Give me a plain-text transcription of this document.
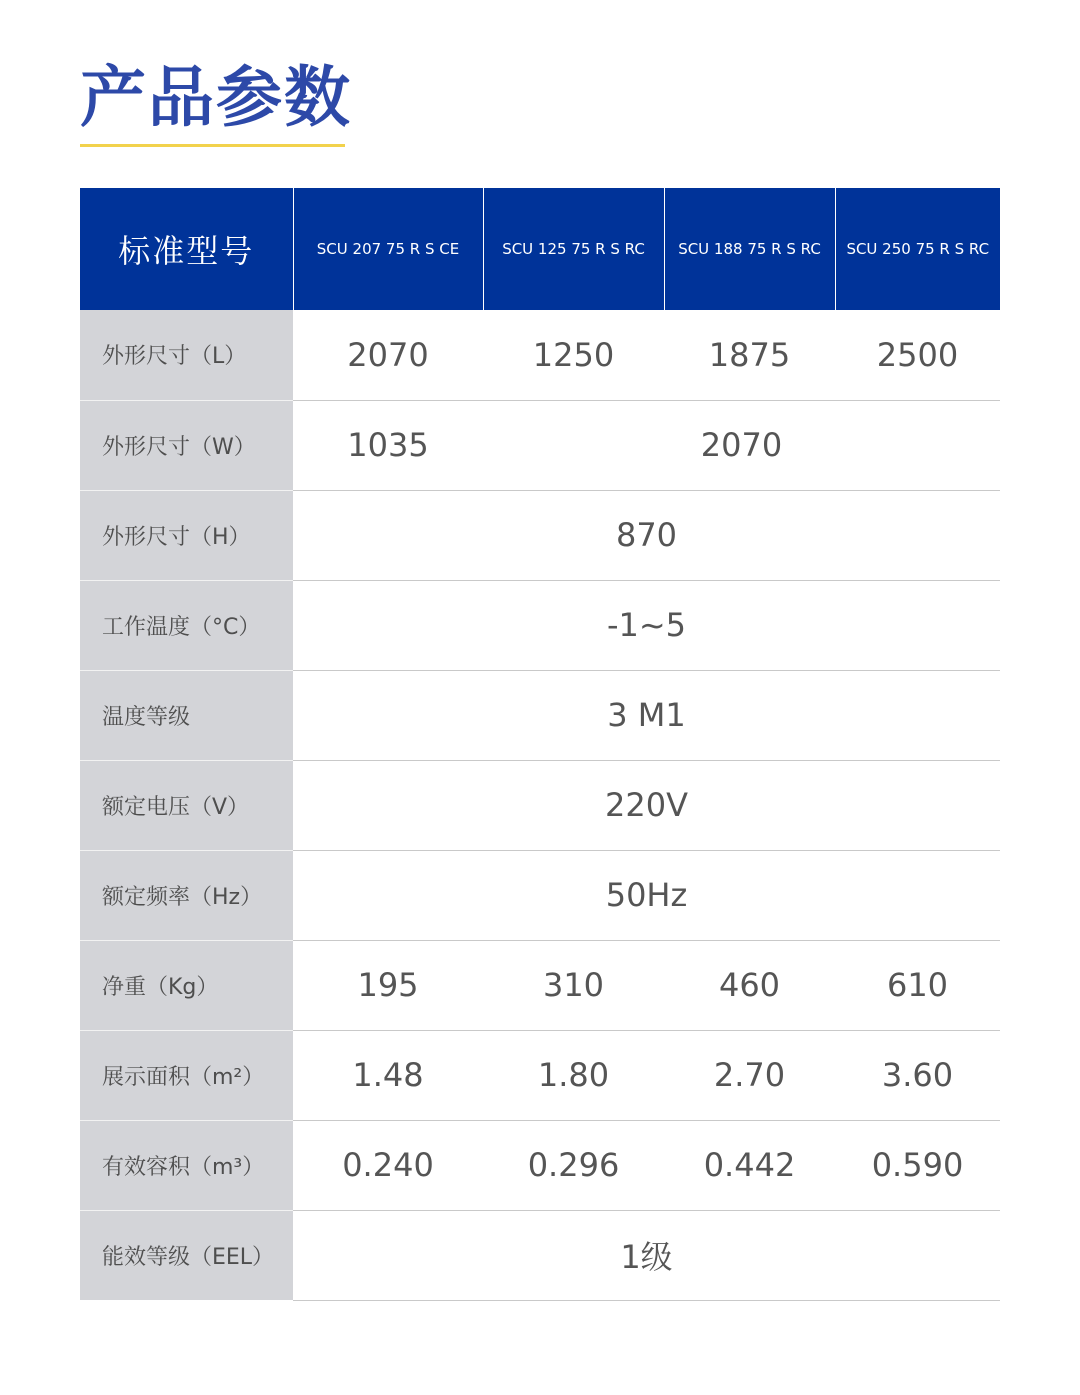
产品参数
标准型号	SCU 207 75 R S CE	SCU 125 75 R S RC	SCU 188 75 R S RC	SCU 250 75 R S RC
外形尺寸（L）	2070	1250	1875	2500
外形尺寸（W）	1035	2070		
外形尺寸（H）	870			
工作温度（°C）	-1~5			
温度等级	3 M1			
额定电压（V）	220V			
额定频率（Hz）	50Hz			
净重（Kg）	195	310	460	610
展示面积（m²）	1.48	1.80	2.70	3.60
有效容积（m³）	0.240	0.296	0.442	0.590
能效等级（EEL）	1级			
